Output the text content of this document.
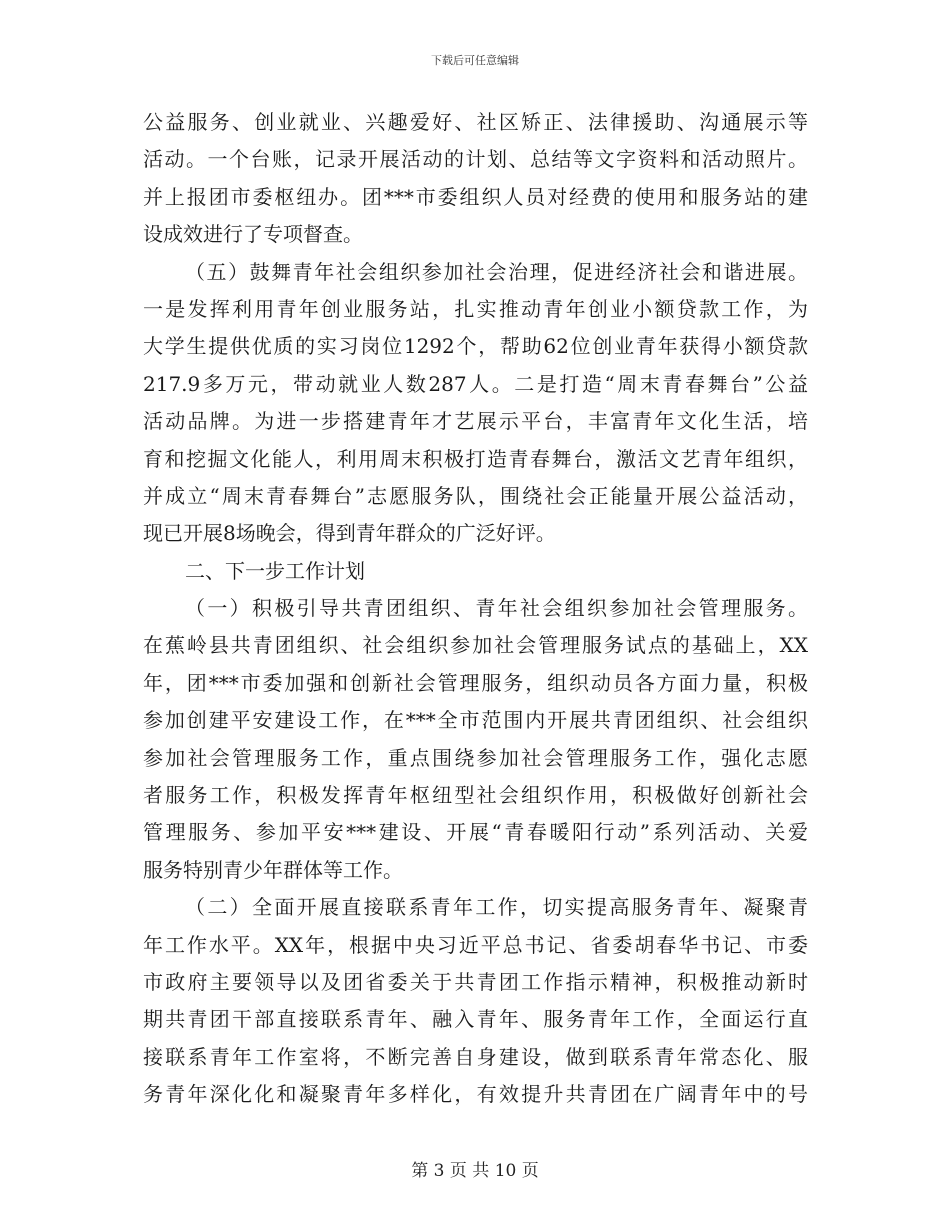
下载后可任意编辑
公益服务、创业就业、兴趣爱好、社区矫正、法律援助、沟通展示等
活动。一个台账，记录开展活动的计划、总结等文字资料和活动照片。
并上报团市委枢纽办。团***市委组织人员对经费的使用和服务站的建
设成效进行了专项督查。
（五）鼓舞青年社会组织参加社会治理，促进经济社会和谐进展。
一是发挥利用青年创业服务站，扎实推动青年创业小额贷款工作，为
大学生提供优质的实习岗位1292个，帮助62位创业青年获得小额贷款
217.9多万元，带动就业人数287人。二是打造“周末青春舞台”公益
活动品牌。为进一步搭建青年才艺展示平台，丰富青年文化生活，培
育和挖掘文化能人，利用周末积极打造青春舞台，激活文艺青年组织，
并成立“周末青春舞台”志愿服务队，围绕社会正能量开展公益活动，
现已开展8场晚会，得到青年群众的广泛好评。
二、下一步工作计划
（一）积极引导共青团组织、青年社会组织参加社会管理服务。
在蕉岭县共青团组织、社会组织参加社会管理服务试点的基础上，XX
年，团***市委加强和创新社会管理服务，组织动员各方面力量，积极
参加创建平安建设工作，在***全市范围内开展共青团组织、社会组织
参加社会管理服务工作，重点围绕参加社会管理服务工作，强化志愿
者服务工作，积极发挥青年枢纽型社会组织作用，积极做好创新社会
管理服务、参加平安***建设、开展“青春暖阳行动”系列活动、关爱
服务特别青少年群体等工作。
（二）全面开展直接联系青年工作，切实提高服务青年、凝聚青
年工作水平。XX年，根据中央习近平总书记、省委胡春华书记、市委
市政府主要领导以及团省委关于共青团工作指示精神，积极推动新时
期共青团干部直接联系青年、融入青年、服务青年工作，全面运行直
接联系青年工作室将，不断完善自身建设，做到联系青年常态化、服
务青年深化化和凝聚青年多样化，有效提升共青团在广阔青年中的号
第 3 页 共 10 页
